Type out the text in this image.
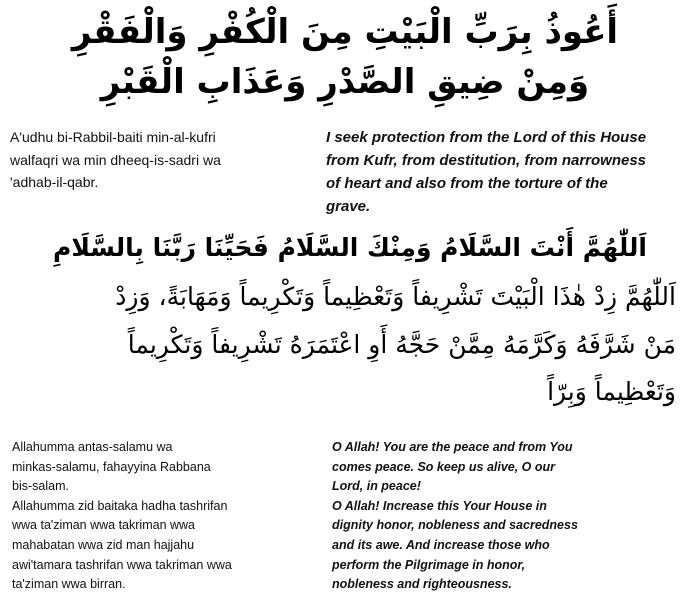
أَعُوذُ بِرَبِّ الْبَيْتِ مِنَ الْكُفْرِ وَالْفَقْرِ
وَمِنْ ضِيقِ الصَّدْرِ وَعَذَابِ الْقَبْرِ
A'udhu bi-Rabbil-baiti min-al-kufri
walfaqri wa min dheeq-is-sadri wa
'adhab-il-qabr.
I seek protection from the Lord of this House
from Kufr, from destitution, from narrowness
of heart and also from the torture of the
grave.
اَللّٰهُمَّ أَنْتَ السَّلَامُ وَمِنْكَ السَّلَامُ فَحَيِّنَا رَبَّنَا بِالسَّلَامِ
اَللّٰهُمَّ زِدْ هٰذَا الْبَيْتَ تَشْرِيفاً وَتَعْظِيماً وَتَكْرِيماً وَمَهَابَةً، وَزِدْ
مَنْ شَرَّفَهُ وَكَرَّمَهُ مِمَّنْ حَجَّهُ أَوِ اعْتَمَرَهُ تَشْرِيفاً وَتَكْرِيماً
وَتَعْظِيماً وَبِرّاً
Allahumma antas-salamu wa
minkas-salamu, fahayyina Rabbana
bis-salam.
Allahumma zid baitaka hadha tashrifan
wwa ta'ziman wwa takriman wwa
mahabatan wwa zid man hajjahu
awi'tamara tashrifan wwa takriman wwa
ta'ziman wwa birran.
O Allah! You are the peace and from You
comes peace. So keep us alive, O our
Lord, in peace!
O Allah! Increase this Your House in
dignity honor, nobleness and sacredness
and its awe. And increase those who
perform the Pilgrimage in honor,
nobleness and righteousness.
